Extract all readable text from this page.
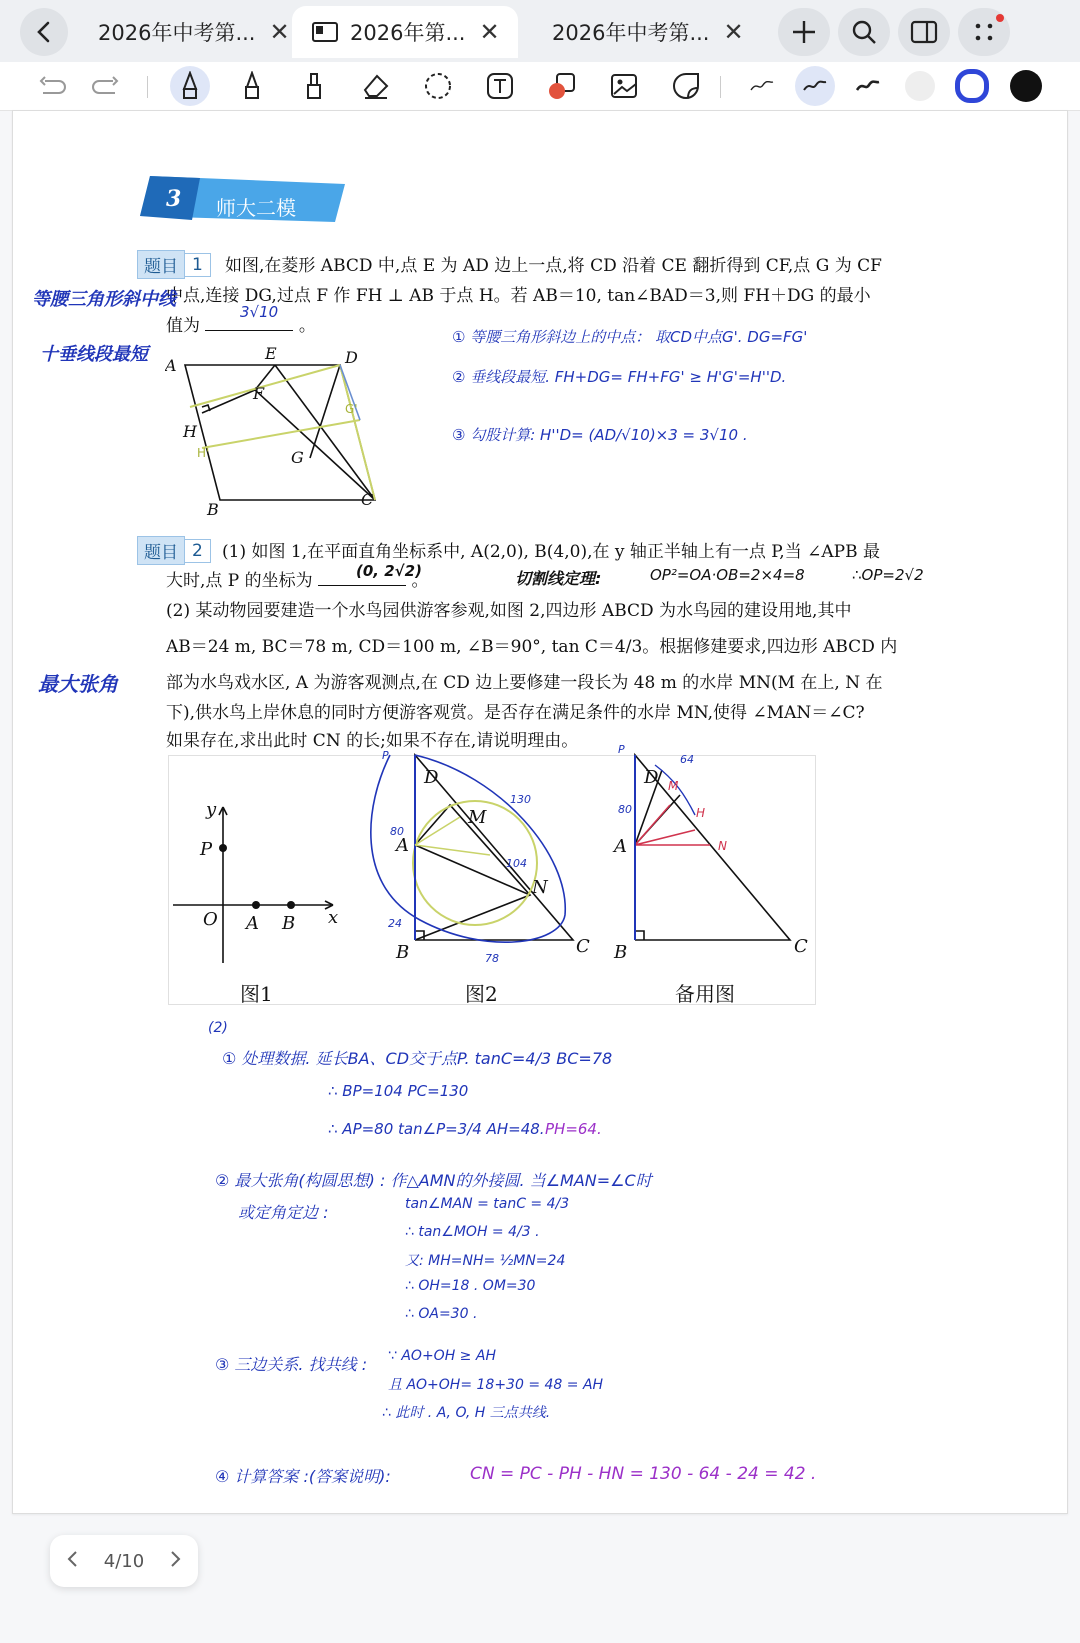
2026年中考第... ✕	2026年第... ✕ 2026年中考第... ✕
3 师大二模
题目 1	如图,在菱形 ABCD 中,点 E 为 AD 边上一点,将 CD 沿着 CE 翻折得到 CF,点 G 为 CF
中点,连接 DG,过点 F 作 FH ⊥ AB 于点 H。若 AB＝10, tan∠BAD＝3,则 FH＋DG 的最小
值为	。
3√10
等腰三角形斜中线
十垂线段最短
① 等腰三角形斜边上的中点： 取CD中点G'. DG=FG'
② 垂线段最短. FH+DG= FH+FG' ≥ H'G'=H''D.
③ 勾股计算: H''D= (AD/√10)×3 = 3√10 .
A
E	D
F
H
G
B
C
H'
G'
题目 2	(1) 如图 1,在平面直角坐标系中, A(2,0), B(4,0),在 y 轴正半轴上有一点 P,当 ∠APB 最
大时,点 P 的坐标为	。
(0, 2√2)	切割线定理:	OP²=OA·OB=2×4=8	∴OP=2√2
(2) 某动物园要建造一个水鸟园供游客参观,如图 2,四边形 ABCD 为水鸟园的建设用地,其中
AB＝24 m, BC＝78 m, CD＝100 m, ∠B＝90°, tan C＝4/3。根据修建要求,四边形 ABCD 内
部为水鸟戏水区, A 为游客观测点,在 CD 边上要修建一段长为 48 m 的水岸 MN(M 在上, N 在
下),供水鸟上岸休息的同时方便游客观赏。是否存在满足条件的水岸 MN,使得 ∠MAN＝∠C?
如果存在,求出此时 CN 的长;如果不存在,请说明理由。
最大张角
y
P
O A B x
D
M
A
N
B	C
P
80
24
78
130
104
D
A
B	C
M
H
N
P
80
64
图1	图2	备用图
(2)
① 处理数据. 延长BA、CD交于点P. tanC=4/3 BC=78
∴ BP=104 PC=130
∴ AP=80 tan∠P=3/4 AH=48. PH=64.
② 最大张角(构圆思想) : 作△AMN的外接圆. 当∠MAN=∠C时
或定角定边 :	tan∠MAN = tanC = 4/3
∴ tan∠MOH = 4/3 .
又: MH=NH= ½MN=24
∴ OH=18 . OM=30
∴ OA=30 .
③ 三边关系. 找共线 : ∵ AO+OH ≥ AH
且 AO+OH= 18+30 = 48 = AH
∴ 此时 . A, O, H 三点共线.
④ 计算答案 :(答案说明):	CN = PC - PH - HN = 130 - 64 - 24 = 42 .
4/10
